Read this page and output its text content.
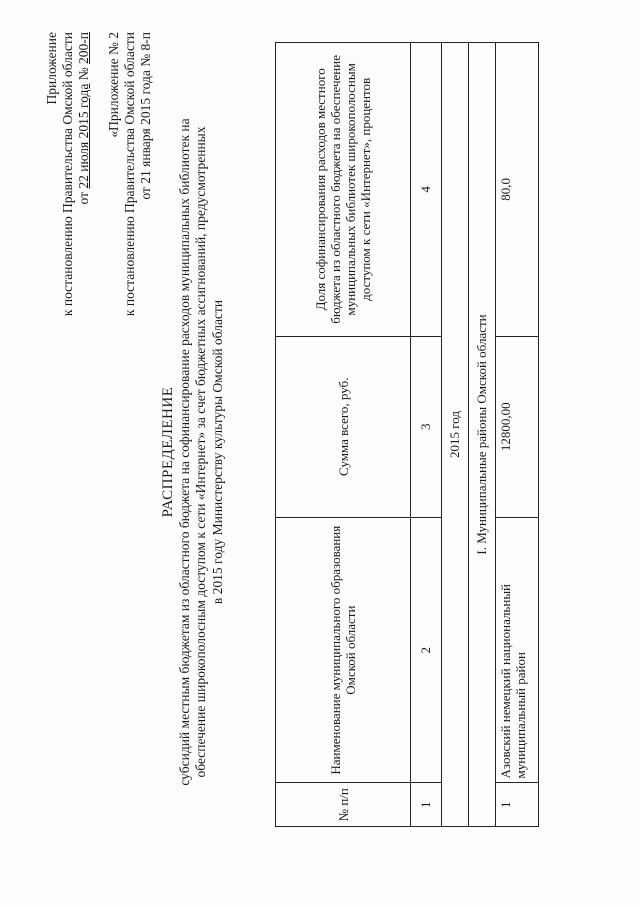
Приложение к постановлению Правительства Омской области от 22 июля 2015 года № 200-п «Приложение № 2 к постановлению Правительства Омской области от 21 января 2015 года № 8-п
РАСПРЕДЕЛЕНИЕ субсидий местным бюджетам из областного бюджета на софинансирование расходов муниципальных библиотек на обеспечение широкополосным доступом к сети «Интернет» за счет бюджетных ассигнований, предусмотренных в 2015 году Министерству культуры Омской области
№ п/п	Наименование муниципального образования Омской области	Сумма всего, руб.	Доля софинансирования расходов местного бюджета из областного бюджета на обеспечение муниципальных библиотек широкополосным доступом к сети «Интернет», процентов
1	2	3	4
2015 год			
I. Муниципальные районы Омской области			
1	Азовский немецкий национальный муниципальный район	12800,00	80,0
